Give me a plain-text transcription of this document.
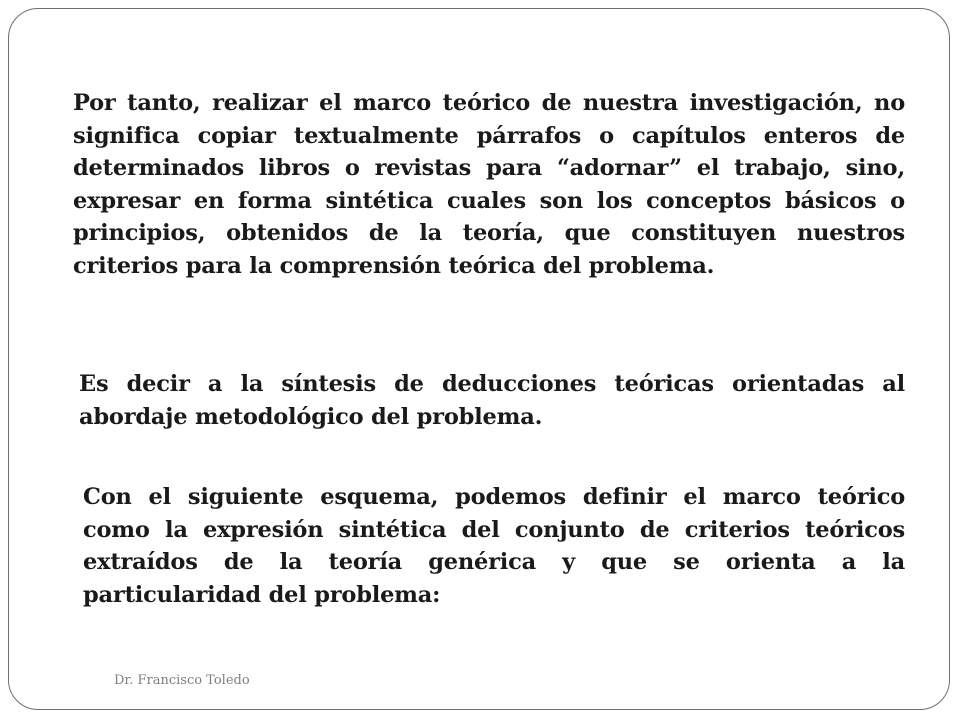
Por tanto, realizar el marco teórico de nuestra investigación, no significa copiar textualmente párrafos o capítulos enteros de determinados libros o revistas para “adornar” el trabajo, sino, expresar en forma sintética cuales son los conceptos básicos o principios, obtenidos de la teoría, que constituyen nuestros criterios para la comprensión teórica del problema.

Es decir a la síntesis de deducciones teóricas orientadas al abordaje metodológico del problema.

Con el siguiente esquema, podemos definir el marco teórico como la expresión sintética del conjunto de criterios teóricos extraídos de la teoría genérica y que se orienta a la particularidad del problema:

Dr. Francisco Toledo
